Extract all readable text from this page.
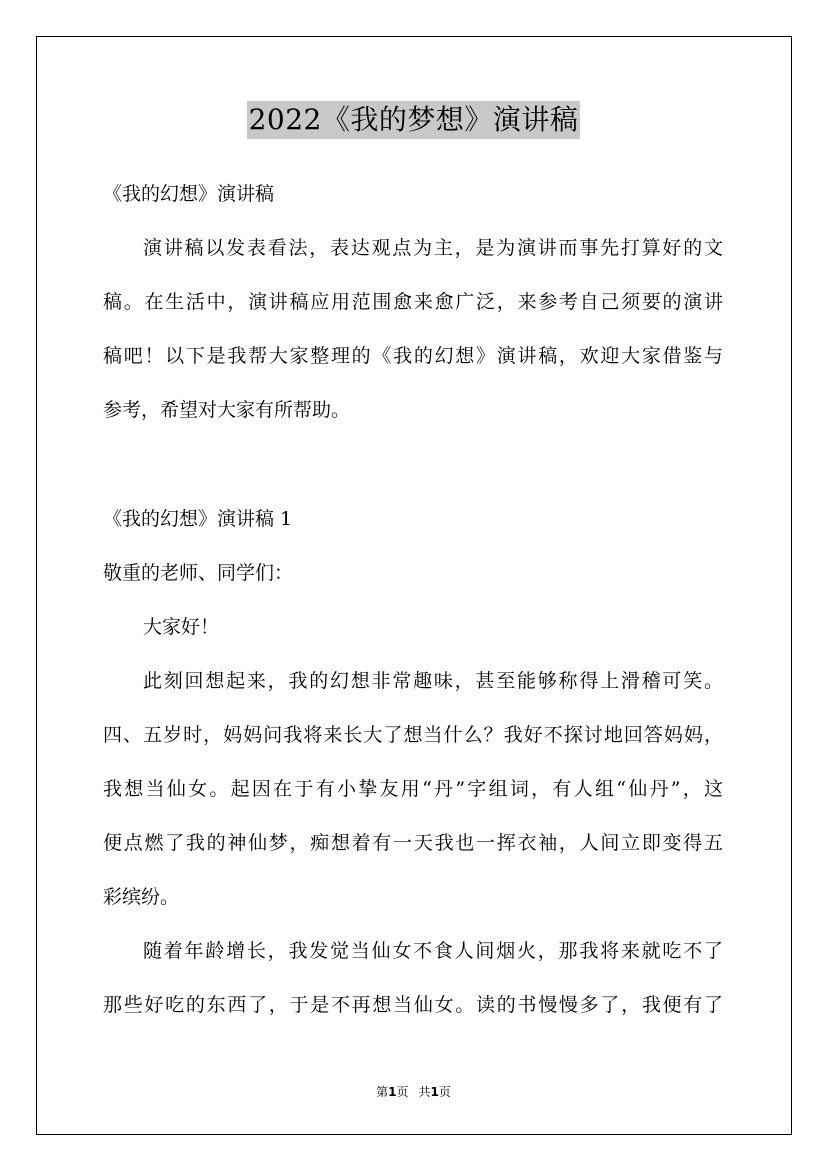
2022《我的梦想》演讲稿
《我的幻想》演讲稿
演讲稿以发表看法，表达观点为主，是为演讲而事先打算好的文
稿。在生活中，演讲稿应用范围愈来愈广泛，来参考自己须要的演讲
稿吧！以下是我帮大家整理的《我的幻想》演讲稿，欢迎大家借鉴与
参考，希望对大家有所帮助。
《我的幻想》演讲稿 1
敬重的老师、同学们：
大家好！
此刻回想起来，我的幻想非常趣味，甚至能够称得上滑稽可笑。
四、五岁时，妈妈问我将来长大了想当什么？我好不探讨地回答妈妈，
我想当仙女。起因在于有小挚友用“丹”字组词，有人组“仙丹”，这
便点燃了我的神仙梦，痴想着有一天我也一挥衣袖，人间立即变得五
彩缤纷。
随着年龄增长，我发觉当仙女不食人间烟火，那我将来就吃不了
那些好吃的东西了，于是不再想当仙女。读的书慢慢多了，我便有了
第1页 共1页
